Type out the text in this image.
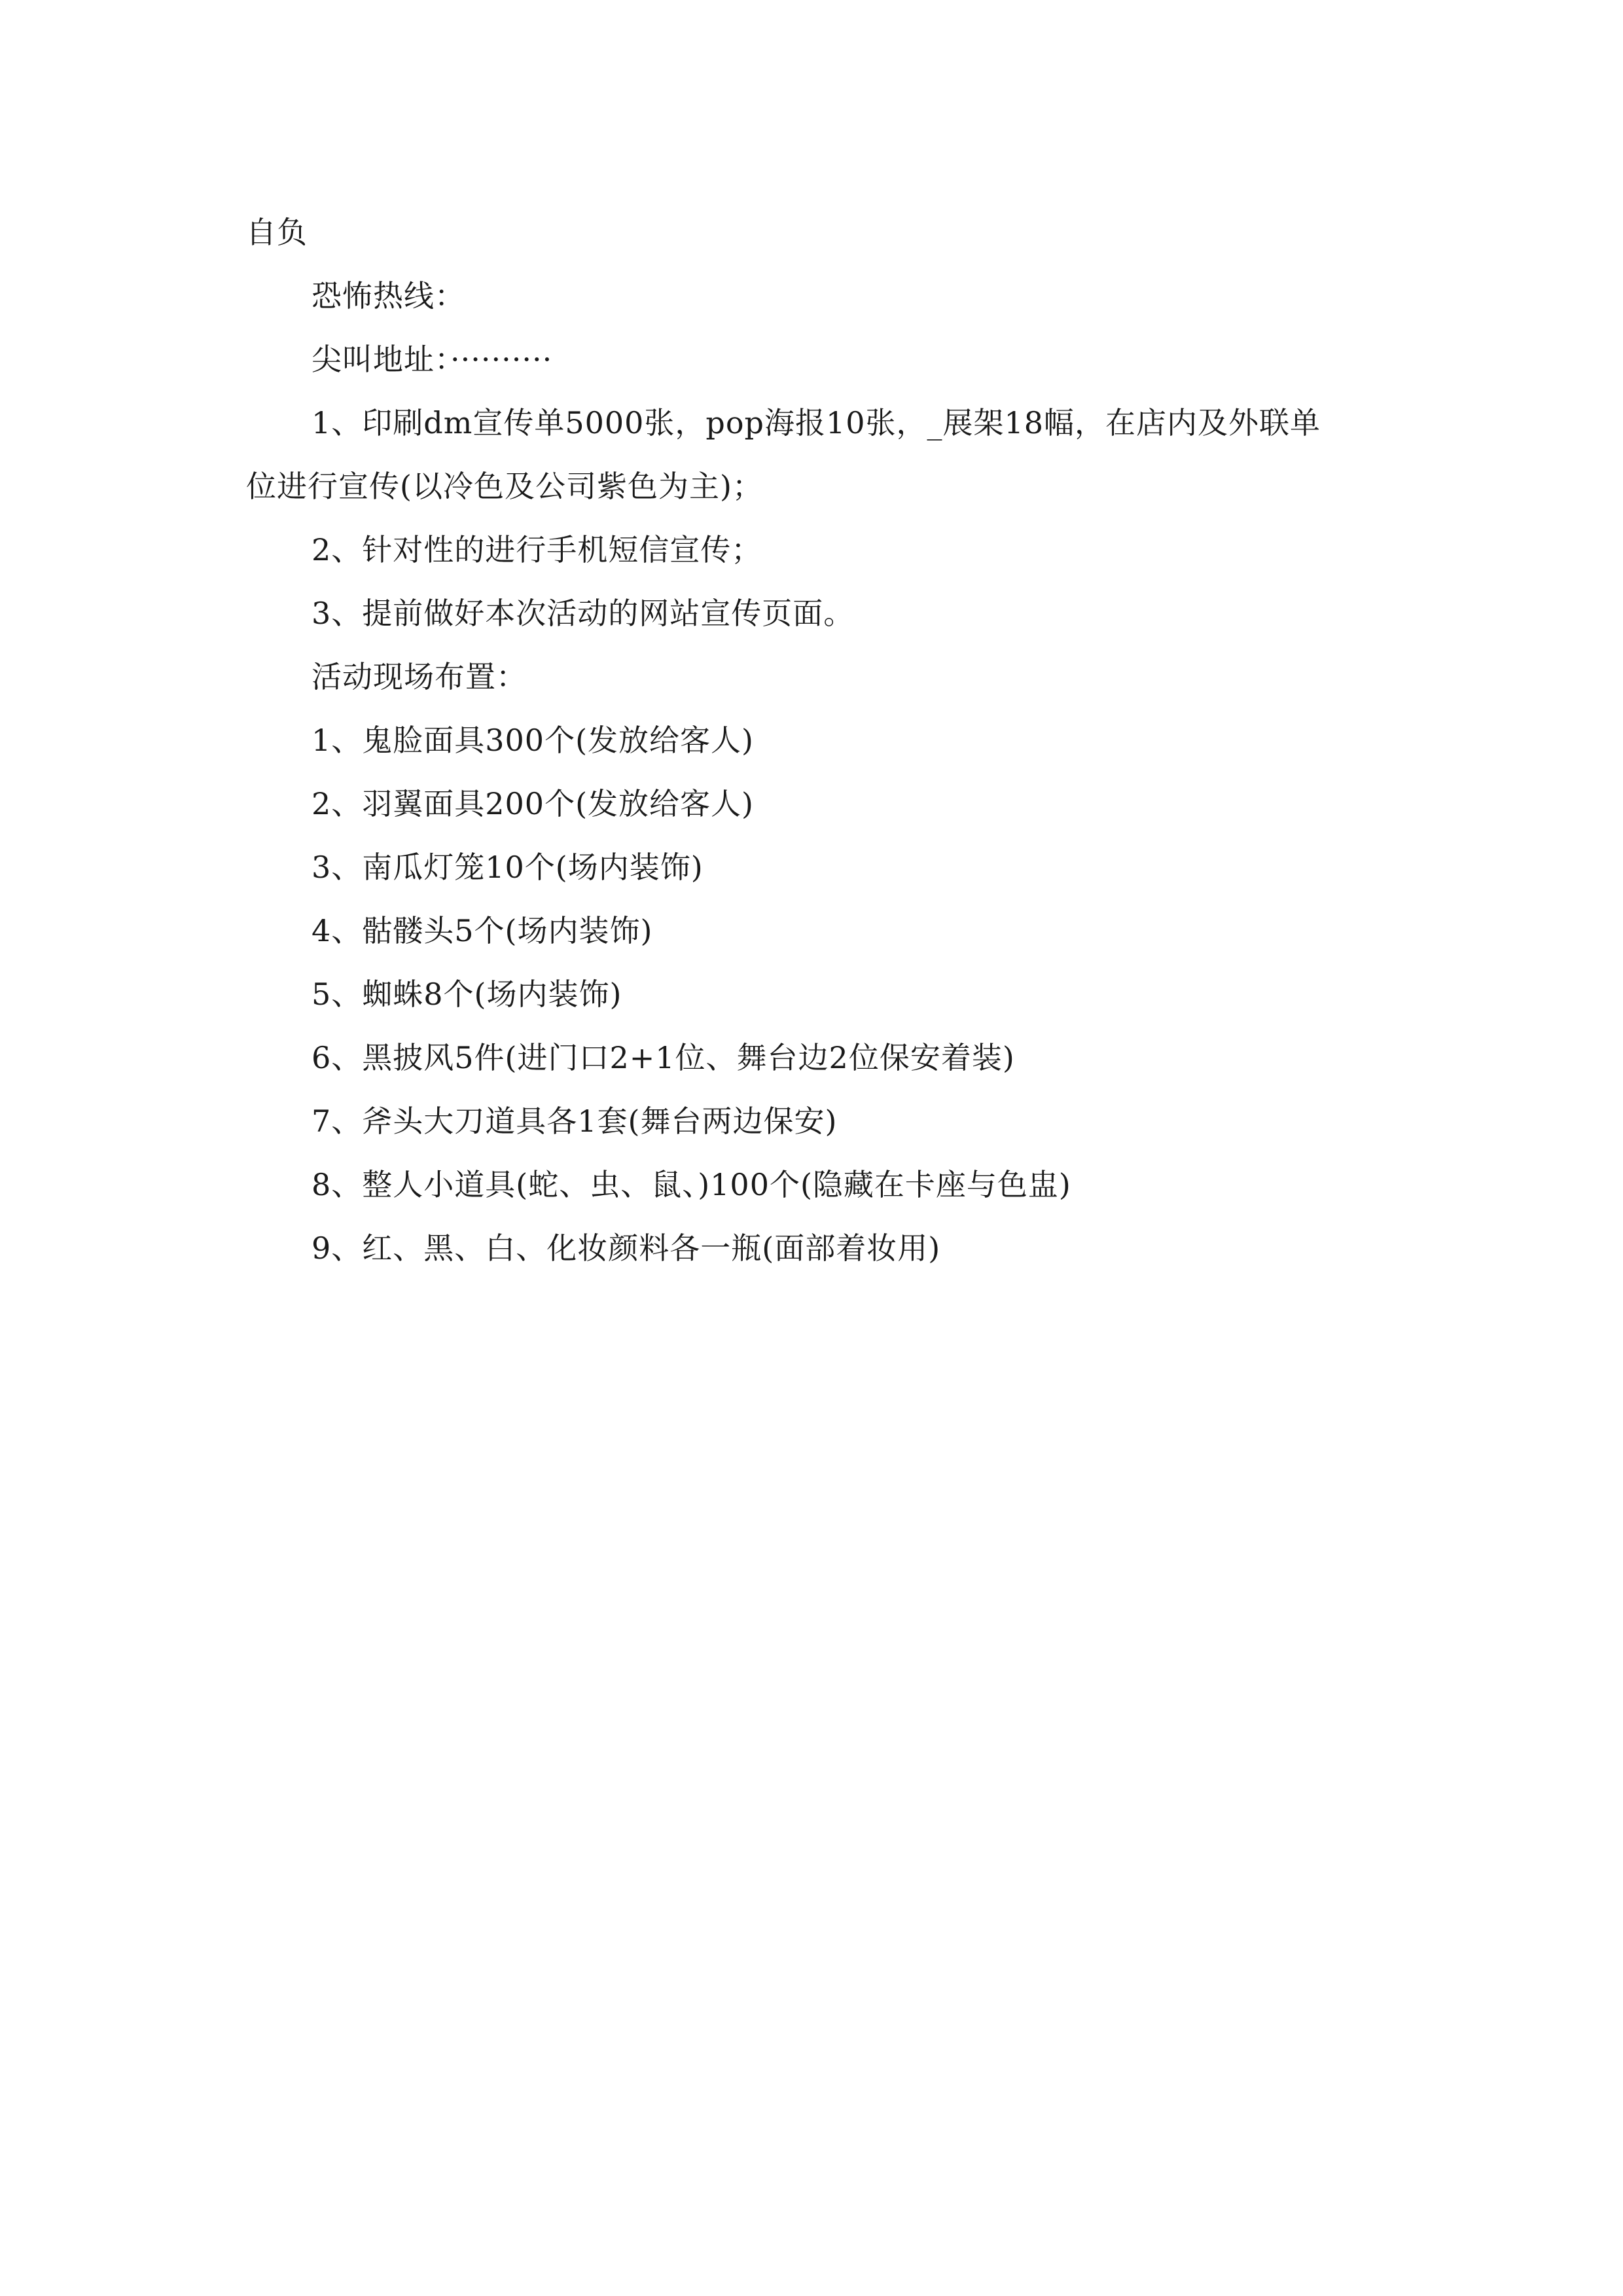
自负

恐怖热线：

尖叫地址：··········

1、印刷dm宣传单5000张，pop海报10张，_展架18幅，在店内及外联单

位进行宣传(以冷色及公司紫色为主)；

2、针对性的进行手机短信宣传；

3、提前做好本次活动的网站宣传页面。

活动现场布置：

1、鬼脸面具300个(发放给客人)

2、羽翼面具200个(发放给客人)

3、南瓜灯笼10个(场内装饰)

4、骷髅头5个(场内装饰)

5、蜘蛛8个(场内装饰)

6、黑披风5件(进门口2+1位、舞台边2位保安着装)

7、斧头大刀道具各1套(舞台两边保安)

8、整人小道具(蛇、虫、鼠、)100个(隐藏在卡座与色盅)

9、红、黑、白、化妆颜料各一瓶(面部着妆用)
